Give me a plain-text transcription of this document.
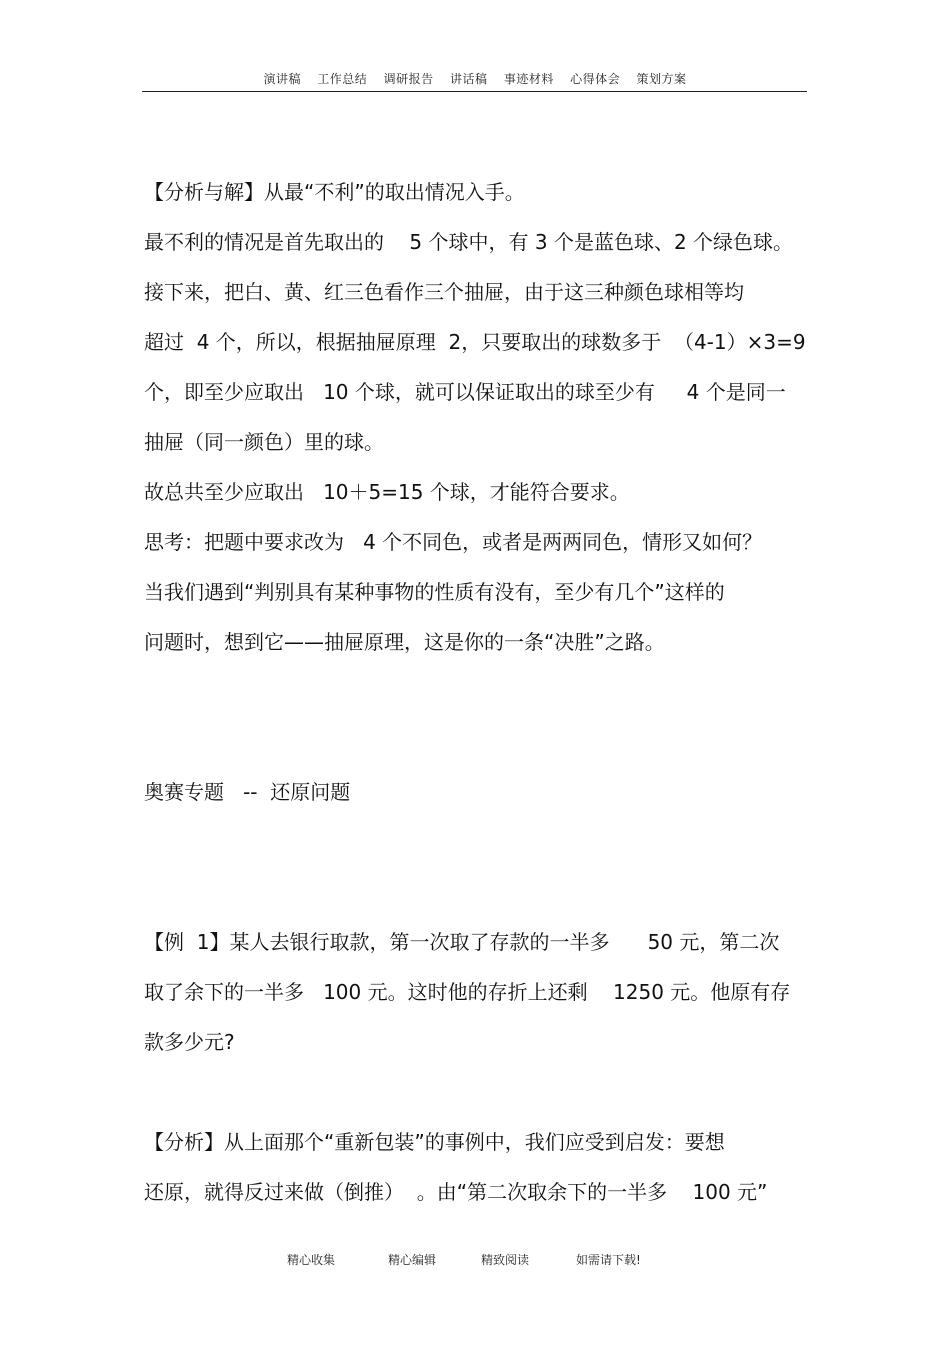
演讲稿 工作总结 调研报告 讲话稿 事迹材料 心得体会 策划方案
【分析与解】从最“不利”的取出情况入手。
最不利的情况是首先取出的    5 个球中，有 3 个是蓝色球、2 个绿色球。
接下来，把白、黄、红三色看作三个抽屉，由于这三种颜色球相等均
超过  4 个，所以，根据抽屉原理  2，只要取出的球数多于  （4-1）×3=9
个，即至少应取出   10 个球，就可以保证取出的球至少有     4 个是同一
抽屉（同一颜色）里的球。
故总共至少应取出   10＋5=15 个球，才能符合要求。
思考：把题中要求改为   4 个不同色，或者是两两同色，情形又如何？
当我们遇到“判别具有某种事物的性质有没有，至少有几个”这样的
问题时，想到它——抽屉原理，这是你的一条“决胜”之路。
奥赛专题   --  还原问题
【例  1】某人去银行取款，第一次取了存款的一半多      50 元，第二次
取了余下的一半多   100 元。这时他的存折上还剩    1250 元。他原有存
款多少元?
【分析】从上面那个“重新包装”的事例中，我们应受到启发：要想
还原，就得反过来做（倒推）  。由“第二次取余下的一半多    100 元”
精心收集	精心编辑	精致阅读	如需请下载!
